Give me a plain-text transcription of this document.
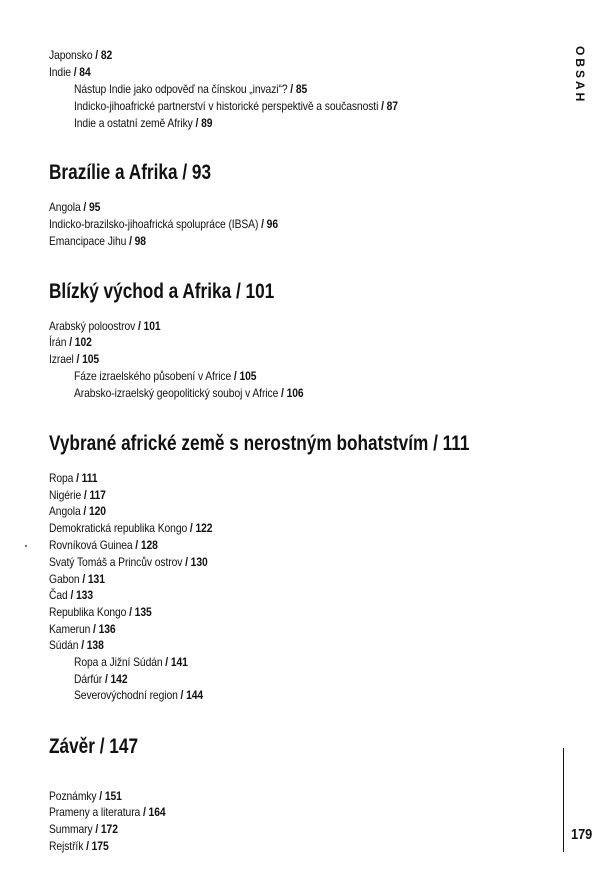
OBSAH
179
Japonsko / 82
Indie / 84
Nástup Indie jako odpověď na čínskou „invazi“? / 85
Indicko-jihoafrické partnerství v historické perspektivě a současnosti / 87
Indie a ostatní země Afriky / 89
Brazílie a Afrika / 93
Angola / 95
Indicko-brazilsko-jihoafrická spolupráce (IBSA) / 96
Emancipace Jihu / 98
Blízký východ a Afrika / 101
Arabský poloostrov / 101
Írán / 102
Izrael / 105
Fáze izraelského působení v Africe / 105
Arabsko-izraelský geopolitický souboj v Africe / 106
Vybrané africké země s nerostným bohatstvím / 111
Ropa / 111
Nigérie / 117
Angola / 120
Demokratická republika Kongo / 122
Rovníková Guinea / 128
Svatý Tomáš a Princův ostrov / 130
Gabon / 131
Čad / 133
Republika Kongo / 135
Kamerun / 136
Súdán / 138
Ropa a Jižní Súdán / 141
Dárfúr / 142
Severovýchodní region / 144
Závěr / 147
Poznámky / 151
Prameny a literatura / 164
Summary / 172
Rejstřík / 175
